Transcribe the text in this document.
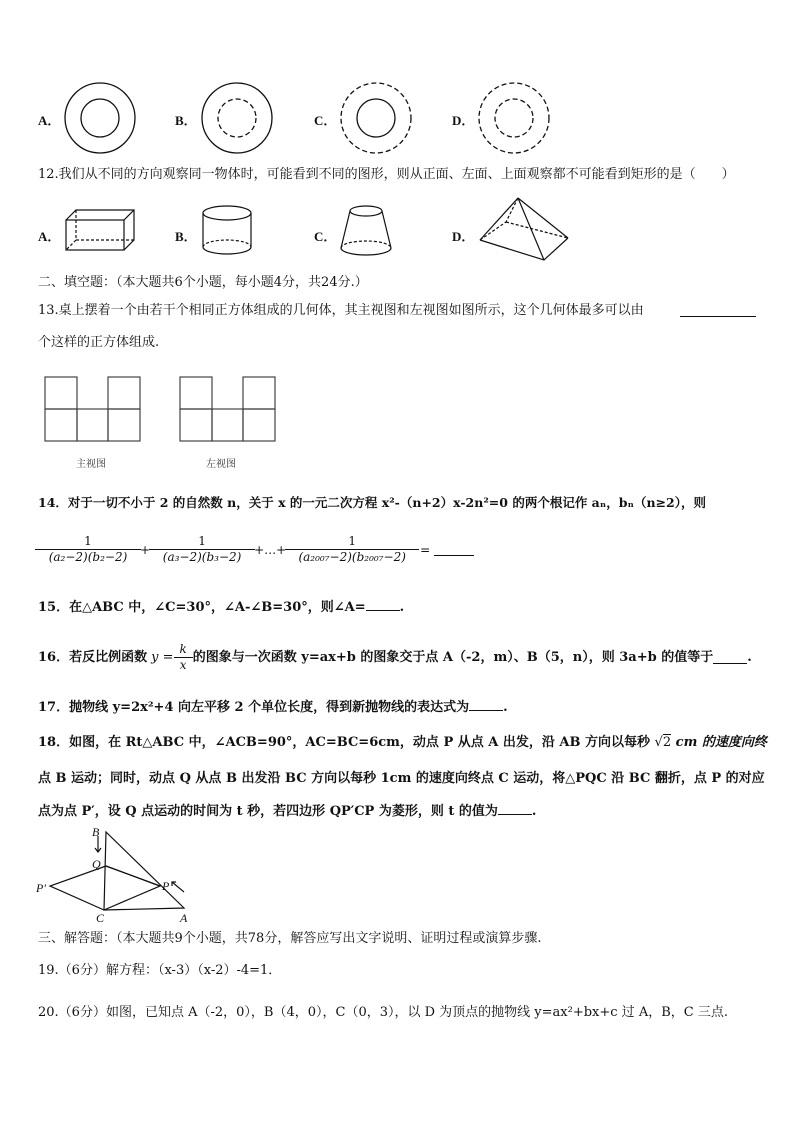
A．	B．	C．	D．
12.我们从不同的方向观察同一物体时，可能看到不同的图形，则从正面、左面、上面观察都不可能看到矩形的是（　　）
A．	B．	C．	D．
二、填空题：（本大题共6个小题，每小题4分，共24分.）
13.桌上摆着一个由若干个相同正方体组成的几何体，其主视图和左视图如图所示，这个几何体最多可以由
个这样的正方体组成.
主视图	左视图
14．对于一切不小于 2 的自然数 n，关于 x 的一元二次方程 x²-（n+2）x-2n²=0 的两个根记作 aₙ，bₙ（n≥2），则
$\frac{1}{\text{(a₂−2)(b₂−2)}} + \frac{1}{\text{(a₃−2)(b₃−2)}}$ +…+ $\frac{1}{\text{(a₂₀₀₇−2)(b₂₀₀₇−2)}}$ =
15．在△ABC 中，∠C=30°，∠A-∠B=30°，则∠A=	.
16．若反比例函数 $y = \frac{k}{x}$ 的图象与一次函数 y=ax+b 的图象交于点 A（-2，m）、B（5，n），则 3a+b 的值等于	.
17．抛物线 y=2x²+4 向左平移 2 个单位长度，得到新抛物线的表达式为	.
18．如图，在 Rt△ABC 中，∠ACB=90°，AC=BC=6cm，动点 P 从点 A 出发，沿 AB 方向以每秒 √2 cm 的速度向终
点 B 运动；同时，动点 Q 从点 B 出发沿 BC 方向以每秒 1cm 的速度向终点 C 运动，将△PQC 沿 BC 翻折，点 P 的对应
点为点 P′，设 Q 点运动的时间为 t 秒，若四边形 QP′CP 为菱形，则 t 的值为	.
B
Q
P′	P
C	A
三、解答题：（本大题共9个小题，共78分，解答应写出文字说明、证明过程或演算步骤.
19.（6分）解方程：（x-3）（x-2）-4=1．
20.（6分）如图，已知点 A（-2，0），B（4，0），C（0，3），以 D 为顶点的抛物线 y=ax²+bx+c 过 A，B，C 三点.
